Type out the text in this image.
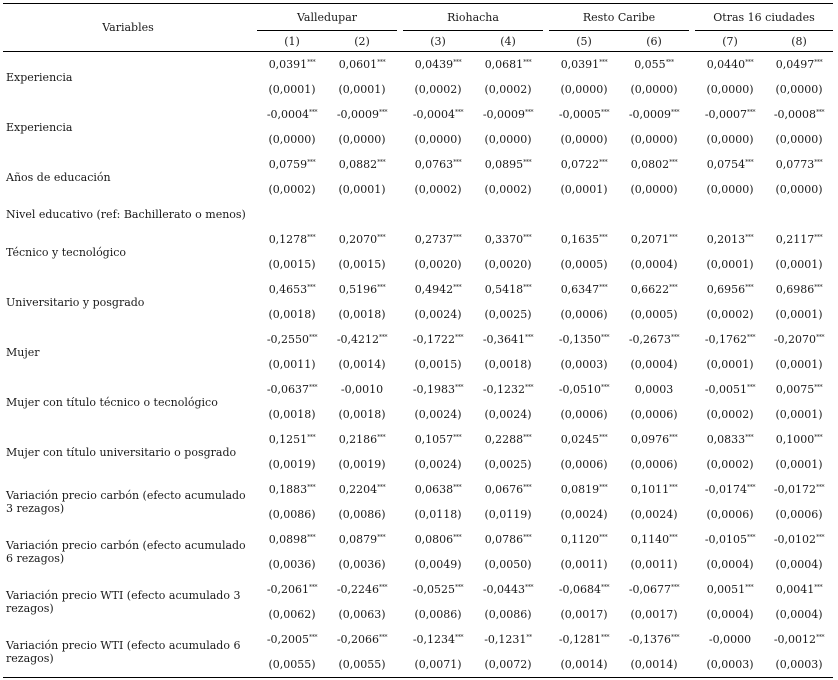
Variables		Valledupar			Riohacha			Resto Caribe			Otras 16 ciudades	
		(1)	(2)		(3)	(4)		(5)	(6)		(7)	(8)
Experiencia		0,0391***	0,0601***		0,0439***	0,0681***		0,0391***	0,055***		0,0440***	0,0497***
		(0,0001)	(0,0001)		(0,0002)	(0,0002)		(0,0000)	(0,0000)		(0,0000)	(0,0000)
Experiencia		-0,0004***	-0,0009***		-0,0004***	-0,0009***		-0,0005***	-0,0009***		-0,0007***	-0,0008***
		(0,0000)	(0,0000)		(0,0000)	(0,0000)		(0,0000)	(0,0000)		(0,0000)	(0,0000)
Años de educación		0,0759***	0,0882***		0,0763***	0,0895***		0,0722***	0,0802***		0,0754***	0,0773***
		(0,0002)	(0,0001)		(0,0002)	(0,0002)		(0,0001)	(0,0000)		(0,0000)	(0,0000)
Nivel educativo (ref: Bachillerato o menos)												
Técnico y tecnológico		0,1278***	0,2070***		0,2737***	0,3370***		0,1635***	0,2071***		0,2013***	0,2117***
		(0,0015)	(0,0015)		(0,0020)	(0,0020)		(0,0005)	(0,0004)		(0,0001)	(0,0001)
Universitario y posgrado		0,4653***	0,5196***		0,4942***	0,5418***		0,6347***	0,6622***		0,6956***	0,6986***
		(0,0018)	(0,0018)		(0,0024)	(0,0025)		(0,0006)	(0,0005)		(0,0002)	(0,0001)
Mujer		-0,2550***	-0,4212***		-0,1722***	-0,3641***		-0,1350***	-0,2673***		-0,1762***	-0,2070***
		(0,0011)	(0,0014)		(0,0015)	(0,0018)		(0,0003)	(0,0004)		(0,0001)	(0,0001)
Mujer con título técnico o tecnológico		-0,0637***	-0,0010		-0,1983***	-0,1232***		-0,0510***	0,0003		-0,0051***	0,0075***
		(0,0018)	(0,0018)		(0,0024)	(0,0024)		(0,0006)	(0,0006)		(0,0002)	(0,0001)
Mujer con título universitario o posgrado		0,1251***	0,2186***		0,1057***	0,2288***		0,0245***	0,0976***		0,0833***	0,1000***
		(0,0019)	(0,0019)		(0,0024)	(0,0025)		(0,0006)	(0,0006)		(0,0002)	(0,0001)
Variación precio carbón (efecto acumulado 3 rezagos)		0,1883***	0,2204***		0,0638***	0,0676***		0,0819***	0,1011***		-0,0174***	-0,0172***
		(0,0086)	(0,0086)		(0,0118)	(0,0119)		(0,0024)	(0,0024)		(0,0006)	(0,0006)
Variación precio carbón (efecto acumulado 6 rezagos)		0,0898***	0,0879***		0,0806***	0,0786***		0,1120***	0,1140***		-0,0105***	-0,0102***
		(0,0036)	(0,0036)		(0,0049)	(0,0050)		(0,0011)	(0,0011)		(0,0004)	(0,0004)
Variación precio WTI (efecto acumulado 3 rezagos)		-0,2061***	-0,2246***		-0,0525***	-0,0443***		-0,0684***	-0,0677***		0,0051***	0,0041***
		(0,0062)	(0,0063)		(0,0086)	(0,0086)		(0,0017)	(0,0017)		(0,0004)	(0,0004)
Variación precio WTI (efecto acumulado 6 rezagos)		-0,2005***	-0,2066***		-0,1234***	-0,1231**		-0,1281***	-0,1376***		-0,0000	-0,0012***
		(0,0055)	(0,0055)		(0,0071)	(0,0072)		(0,0014)	(0,0014)		(0,0003)	(0,0003)
